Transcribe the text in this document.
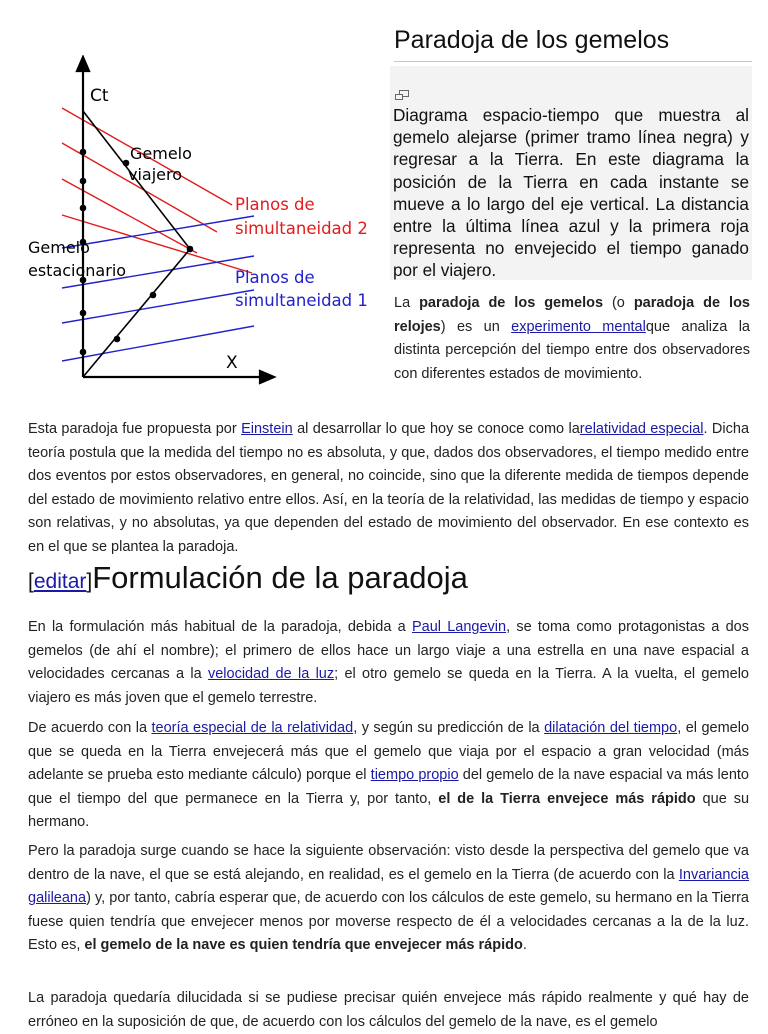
Ct
X
Gemelo
viajero
Gemelo
estacionario
Planos de
simultaneidad 2
Planos de
simultaneidad 1
Paradoja de los gemelos
Diagrama espacio-tiempo que muestra al gemelo alejarse (primer tramo línea negra) y regresar a la Tierra. En este diagrama la posición de la Tierra en cada instante se mueve a lo largo del eje vertical. La distancia entre la última línea azul y la primera roja representa no envejecido el tiempo ganado por el viajero.
La paradoja de los gemelos (o paradoja de los relojes) es un experimento mentalque analiza la distinta percepción del tiempo entre dos observadores con diferentes estados de movimiento.

Esta paradoja fue propuesta por Einstein al desarrollar lo que hoy se conoce como larelatividad especial. Dicha teoría postula que la medida del tiempo no es absoluta, y que, dados dos observadores, el tiempo medido entre dos eventos por estos observadores, en general, no coincide, sino que la diferente medida de tiempos depende del estado de movimiento relativo entre ellos. Así, en la teoría de la relatividad, las medidas de tiempo y espacio son relativas, y no absolutas, ya que dependen del estado de movimiento del observador. En ese contexto es en el que se plantea la paradoja.

[editar]Formulación de la paradoja

En la formulación más habitual de la paradoja, debida a Paul Langevin, se toma como protagonistas a dos gemelos (de ahí el nombre); el primero de ellos hace un largo viaje a una estrella en una nave espacial a velocidades cercanas a la velocidad de la luz; el otro gemelo se queda en la Tierra. A la vuelta, el gemelo viajero es más joven que el gemelo terrestre.

De acuerdo con la teoría especial de la relatividad, y según su predicción de la dilatación del tiempo, el gemelo que se queda en la Tierra envejecerá más que el gemelo que viaja por el espacio a gran velocidad (más adelante se prueba esto mediante cálculo) porque el tiempo propio del gemelo de la nave espacial va más lento que el tiempo del que permanece en la Tierra y, por tanto, el de la Tierra envejece más rápido que su hermano.

Pero la paradoja surge cuando se hace la siguiente observación: visto desde la perspectiva del gemelo que va dentro de la nave, el que se está alejando, en realidad, es el gemelo en la Tierra (de acuerdo con la Invariancia galileana) y, por tanto, cabría esperar que, de acuerdo con los cálculos de este gemelo, su hermano en la Tierra fuese quien tendría que envejecer menos por moverse respecto de él a velocidades cercanas a la de la luz. Esto es, el gemelo de la nave es quien tendría que envejecer más rápido.

La paradoja quedaría dilucidada si se pudiese precisar quién envejece más rápido realmente y qué hay de erróneo en la suposición de que, de acuerdo con los cálculos del gemelo de la nave, es el gemelo
